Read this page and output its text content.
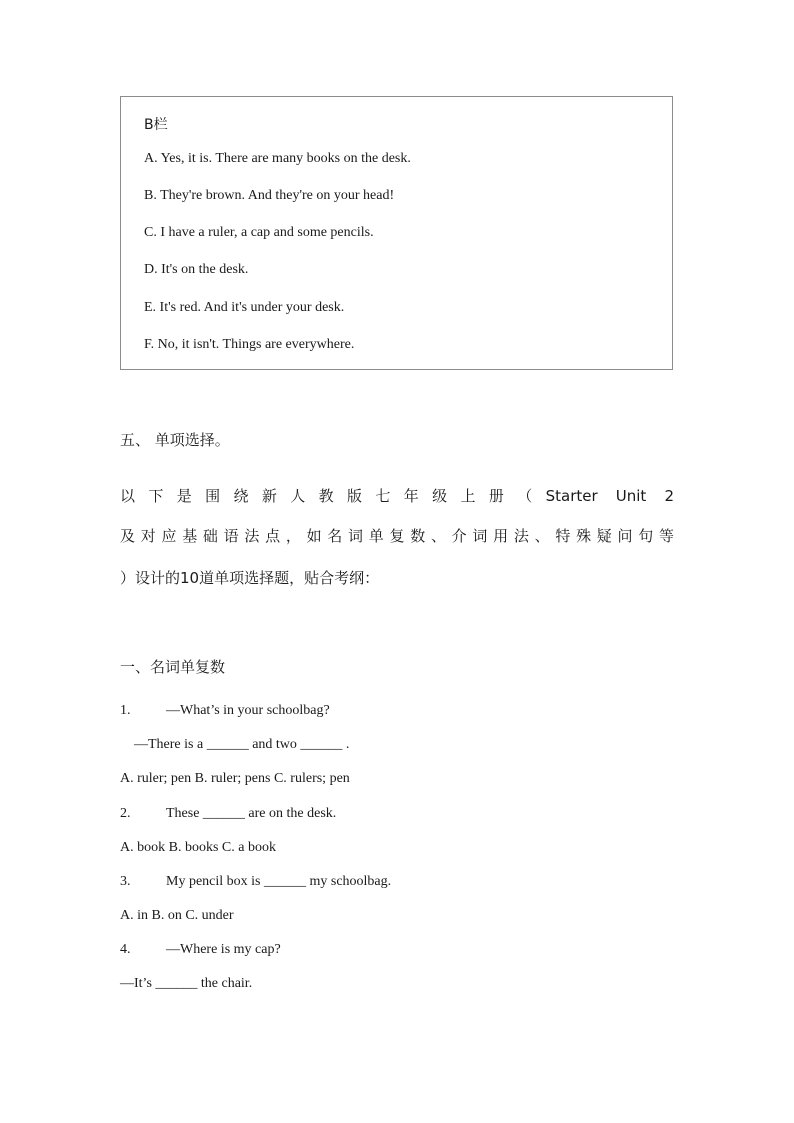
B栏
A. Yes, it is. There are many books on the desk.
B. They're brown. And they're on your head!
C. I have a ruler, a cap and some pencils.
D. It's on the desk.
E. It's red. And it's under your desk.
F. No, it isn't. Things are everywhere.
五、 单项选择。
以下是围绕新人教版七年级上册（Starter Unit 2
及对应基础语法点，如名词单复数、介词用法、特殊疑问句等
）设计的10道单项选择题，贴合考纲：
一、名词单复数
1.	—What’s in your schoolbag?
—There is a ______ and two ______ .
A. ruler; pen B. ruler; pens C. rulers; pen
2.	These ______ are on the desk.
A. book B. books C. a book
3.	My pencil box is ______ my schoolbag.
A. in B. on C. under
4.	—Where is my cap?
—It’s ______ the chair.
